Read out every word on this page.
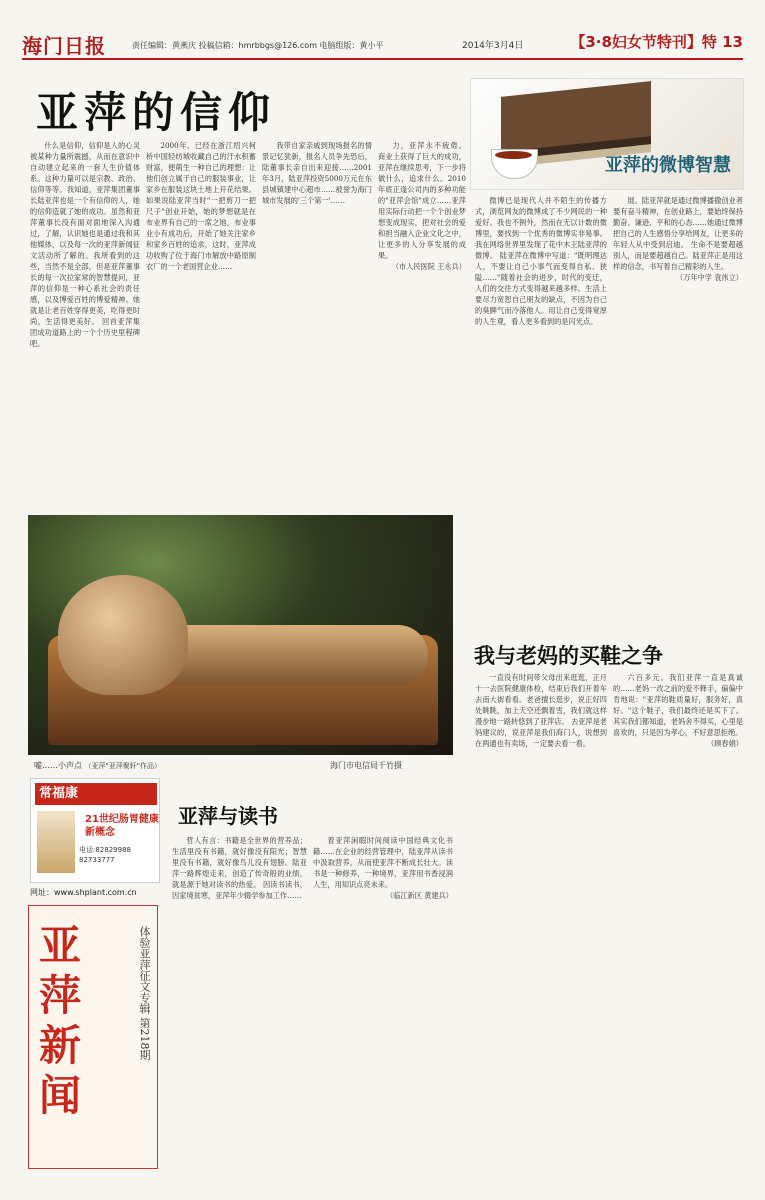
海门日报	责任编辑：黄燕庆 投稿信箱：hmrbbgs@126.com 电脑组版：黄小平	2014年3月4日	【3·8妇女节特刊】特 13
亚萍的信仰

什么是信仰，信仰是人的心灵被某种力量所震撼，从而在意识中自动建立起来的一套人生价值体系。这种力量可以是宗教、政治、信仰等等。我知道，亚萍集团董事长陆亚萍也是一个有信仰的人，她的信仰造就了她的成功。虽然和亚萍董事长没有面对面地深入沟通过，了解，认识她也是通过我和其他媒体，以及每一次的亚萍新闻征文活动所了解的。我所看到的这些，当然不是全部，但是亚萍董事长的每一次拉家常的智慧提问，亚萍的信仰是一种心系社会的责任感，以及博爱百姓的博爱精神。她就是让老百姓穿得更美，吃得更时尚，生活得更美好。 回首亚萍集团成功道路上的一个个历史里程碑吧。

2000年，已经在浙江绍兴柯桥中国轻纺城收藏自己的汗水积蓄财富，便萌生一种自己的理想：让他们创立属于自己的服装事业，让家乡在服装这块土地上开花结果。如果说陆亚萍当时"一把剪刀一把尺子"创业开始，她的梦想就是在布业界有自己的一席之地，布业事业小有成功后，开始了她关注家乡和家乡百姓的追求，这时，亚萍成功收购了位于海门市解放中路原制衣厂的一个老国营企业……

我带自家亲戚到现场报名的情景记忆犹新，报名人员争先恐后，陆董事长亲自出来迎接……2001年3月，陆亚萍投资5000万元在东县城镇建中心超市……被誉为海门城市发展的'三个第一'……

力，亚萍永不疲倦。 商业上获得了巨大的成功，亚萍在继续思考，下一步将做什么，追求什么。2010年底正逢公司内的多种功能的"亚萍会馆"成立……亚萍用实际行动把一个个创业梦想变成现实，把对社会的爱和担当融入企业文化之中，让更多的人分享发展的成果。

（市人民医院 王永兵）
亚萍的微博智慧

微博已是现代人并不陌生的传播方式，浏览网友的微博成了不少网民的一种爱好。我也不例外，然而在无以计数的微博里，要找到一个优秀的微博实非易事。我在网络世界里发现了花中木王陆亚萍的微博。 陆亚萍在微博中写道："既明理达人，不要让自己小事气而变得自私、狭隘……"随着社会的进步，时代的变迁，人们的交往方式变得越来越多样。生活上要尽力宽恕自己朋友的缺点，不因为自己的臭脾气而冷落他人。用让自己变得宽厚的人生观，看人更多看到的是闪光点。

展。陆亚萍就是通过微博播撒创业者要有奋斗精神，在创业路上，要始终保持勤奋、谦逊、平和的心态……她通过微博把自己的人生感悟分享给网友，让更多的年轻人从中受到启迪。 生命不是要超越别人，而是要超越自己。陆亚萍正是用这样的信念，书写着自己精彩的人生。

（万年中学 袁伟立）
嘘……小声点 （亚萍"亚萍聚轩"作品）	海门市电信局千竹摄
我与老妈的买鞋之争

一直没有时间带父母出来逛逛，正月十一去医院健康体检，结束后我们开着车去南大街看看。老爸擅长逛步，说正好四处眺眺，加上天空还飘着雪，我们就这样漫步地一路转悠到了亚萍店。 去亚萍是老妈建议的，说亚萍是我们海门人，说想到在两通也有卖场，一定要去看一看。

六百多元。我们亚萍一直是真诚的……老妈一改之前的爱不释手，偏偏中肯地说："亚萍的鞋质量好，服务好，真好。"这个鞋子，我们最终还是买下了。 其实我们都知道，老妈舍不得买，心里是喜欢的，只是因为孝心，不好意思拒绝。

（顾春娟）
常福康
21世纪肠胃健康新概念
电话:82829988 82733777
网址：www.shplant.com.cn
亚萍新闻
体验亚萍征文专辑 第218期
亚萍与读书

哲人有言：书籍是全世界的营养品；生活里没有书籍，就好像没有阳光；智慧里没有书籍，就好像鸟儿没有翅膀。陆亚萍一路辉煌走来，创造了传奇般的业绩，就是源于她对读书的热爱。 因读书读书，因家境贫寒，亚萍年少辍学参加工作……

着亚萍闲暇时间阅读中国经典文化书籍……在企业的经营管理中，陆亚萍从读书中汲取营养，从而使亚萍不断成长壮大。读书是一种修养，一种境界，亚萍用书香浸润人生，用知识点亮未来。

（临江新区 黄建兵）
